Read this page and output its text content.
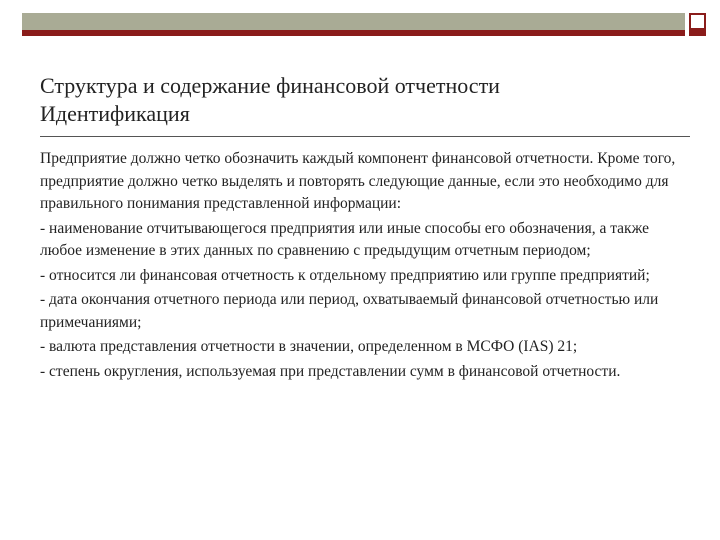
Структура и содержание финансовой отчетности
Идентификация

Предприятие должно четко обозначить каждый компонент финансовой отчетности. Кроме того, предприятие должно четко выделять и повторять следующие данные, если это необходимо для правильного понимания представленной информации:

- наименование отчитывающегося предприятия или иные способы его обозначения, а также любое изменение в этих данных по сравнению с предыдущим отчетным периодом;

- относится ли финансовая отчетность к отдельному предприятию или группе предприятий;

- дата окончания отчетного периода или период, охватываемый финансовой отчетностью или примечаниями;

- валюта представления отчетности в значении, определенном в МСФО (IAS) 21;

- степень округления, используемая при представлении сумм в финансовой отчетности.
